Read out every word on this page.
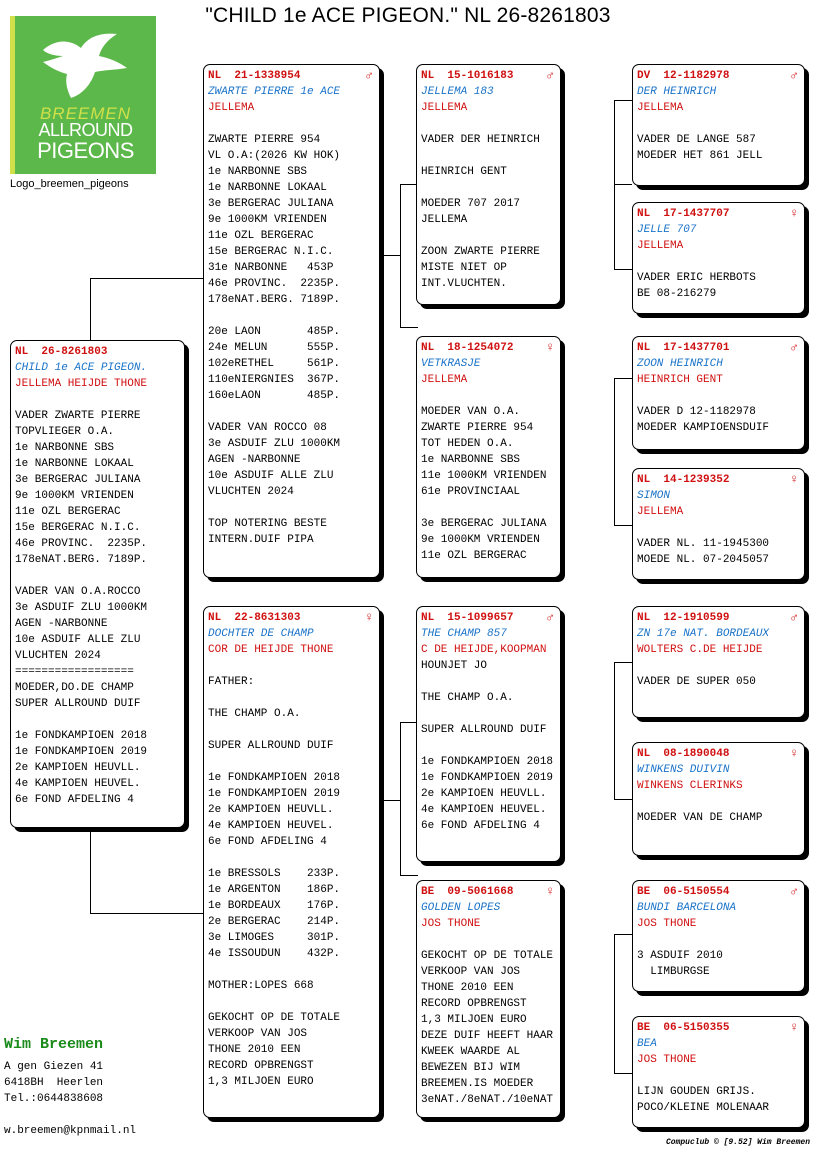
"CHILD 1e ACE PIGEON." NL 26-8261803
BREEMEN
ALLROUND
PIGEONS
Logo_breemen_pigeons
NL  26-8261803
CHILD 1e ACE PIGEON.
JELLEMA HEIJDE THONE
VADER ZWARTE PIERRE
TOPVLIEGER O.A.
1e NARBONNE SBS
1e NARBONNE LOKAAL
3e BERGERAC JULIANA
9e 1000KM VRIENDEN
11e OZL BERGERAC
15e BERGERAC N.I.C.
46e PROVINC.  2235P.
178eNAT.BERG. 7189P.

VADER VAN O.A.ROCCO
3e ASDUIF ZLU 1000KM
AGEN -NARBONNE
10e ASDUIF ALLE ZLU
VLUCHTEN 2024
==================
MOEDER,DO.DE CHAMP
SUPER ALLROUND DUIF

1e FONDKAMPIOEN 2018
1e FONDKAMPIOEN 2019
2e KAMPIOEN HEUVLL.
4e KAMPIOEN HEUVEL.
6e FOND AFDELING 4
NL  21-1338954	♂
ZWARTE PIERRE 1e ACE
JELLEMA
ZWARTE PIERRE 954
VL O.A:(2026 KW HOK)
1e NARBONNE SBS
1e NARBONNE LOKAAL
3e BERGERAC JULIANA
9e 1000KM VRIENDEN
11e OZL BERGERAC
15e BERGERAC N.I.C.
31e NARBONNE   453P
46e PROVINC.  2235P.
178eNAT.BERG. 7189P.

20e LAON       485P.
24e MELUN      555P.
102eRETHEL     561P.
110eNIERGNIES  367P.
160eLAON       485P.

VADER VAN ROCCO 08
3e ASDUIF ZLU 1000KM
AGEN -NARBONNE
10e ASDUIF ALLE ZLU
VLUCHTEN 2024

TOP NOTERING BESTE
INTERN.DUIF PIPA
NL  22-8631303	♀
DOCHTER DE CHAMP
COR DE HEIJDE THONE
FATHER:

THE CHAMP O.A.

SUPER ALLROUND DUIF

1e FONDKAMPIOEN 2018
1e FONDKAMPIOEN 2019
2e KAMPIOEN HEUVLL.
4e KAMPIOEN HEUVEL.
6e FOND AFDELING 4

1e BRESSOLS    233P.
1e ARGENTON    186P.
1e BORDEAUX    176P.
2e BERGERAC    214P.
3e LIMOGES     301P.
4e ISSOUDUN    432P.

MOTHER:LOPES 668

GEKOCHT OP DE TOTALE
VERKOOP VAN JOS
THONE 2010 EEN
RECORD OPBRENGST
1,3 MILJOEN EURO
NL  15-1016183	♂
JELLEMA 183
JELLEMA
VADER DER HEINRICH

HEINRICH GENT

MOEDER 707 2017
JELLEMA

ZOON ZWARTE PIERRE
MISTE NIET OP
INT.VLUCHTEN.
NL  18-1254072	♀
VETKRASJE
JELLEMA
MOEDER VAN O.A.
ZWARTE PIERRE 954
TOT HEDEN O.A.
1e NARBONNE SBS
11e 1000KM VRIENDEN
61e PROVINCIAAL

3e BERGERAC JULIANA
9e 1000KM VRIENDEN
11e OZL BERGERAC
NL  15-1099657	♂
THE CHAMP 857
C DE HEIJDE,KOOPMAN
HOUNJET JO

THE CHAMP O.A.

SUPER ALLROUND DUIF

1e FONDKAMPIOEN 2018
1e FONDKAMPIOEN 2019
2e KAMPIOEN HEUVLL.
4e KAMPIOEN HEUVEL.
6e FOND AFDELING 4
BE  09-5061668	♀
GOLDEN LOPES
JOS THONE
GEKOCHT OP DE TOTALE
VERKOOP VAN JOS
THONE 2010 EEN
RECORD OPBRENGST
1,3 MILJOEN EURO
DEZE DUIF HEEFT HAAR
KWEEK WAARDE AL
BEWEZEN BIJ WIM
BREEMEN.IS MOEDER
3eNAT./8eNAT./10eNAT
DV  12-1182978	♂
DER HEINRICH
JELLEMA
VADER DE LANGE 587
MOEDER HET 861 JELL
NL  17-1437707	♀
JELLE 707
JELLEMA
VADER ERIC HERBOTS
BE 08-216279
NL  17-1437701	♂
ZOON HEINRICH
HEINRICH GENT
VADER D 12-1182978
MOEDER KAMPIOENSDUIF
NL  14-1239352	♀
SIMON
JELLEMA
VADER NL. 11-1945300
MOEDE NL. 07-2045057
NL  12-1910599	♂
ZN 17e NAT. BORDEAUX
WOLTERS C.DE HEIJDE
VADER DE SUPER 050
NL  08-1890048	♀
WINKENS DUIVIN
WINKENS CLERINKS
MOEDER VAN DE CHAMP
BE  06-5150554	♂
BUNDI BARCELONA
JOS THONE
3 ASDUIF 2010
LIMBURGSE
BE  06-5150355	♀
BEA
JOS THONE
LIJN GOUDEN GRIJS.
POCO/KLEINE MOLENAAR
Wim Breemen
A gen Giezen 41
6418BH  Heerlen
Tel.:0644838608
w.breemen@kpnmail.nl
Compuclub © [9.52] Wim Breemen
